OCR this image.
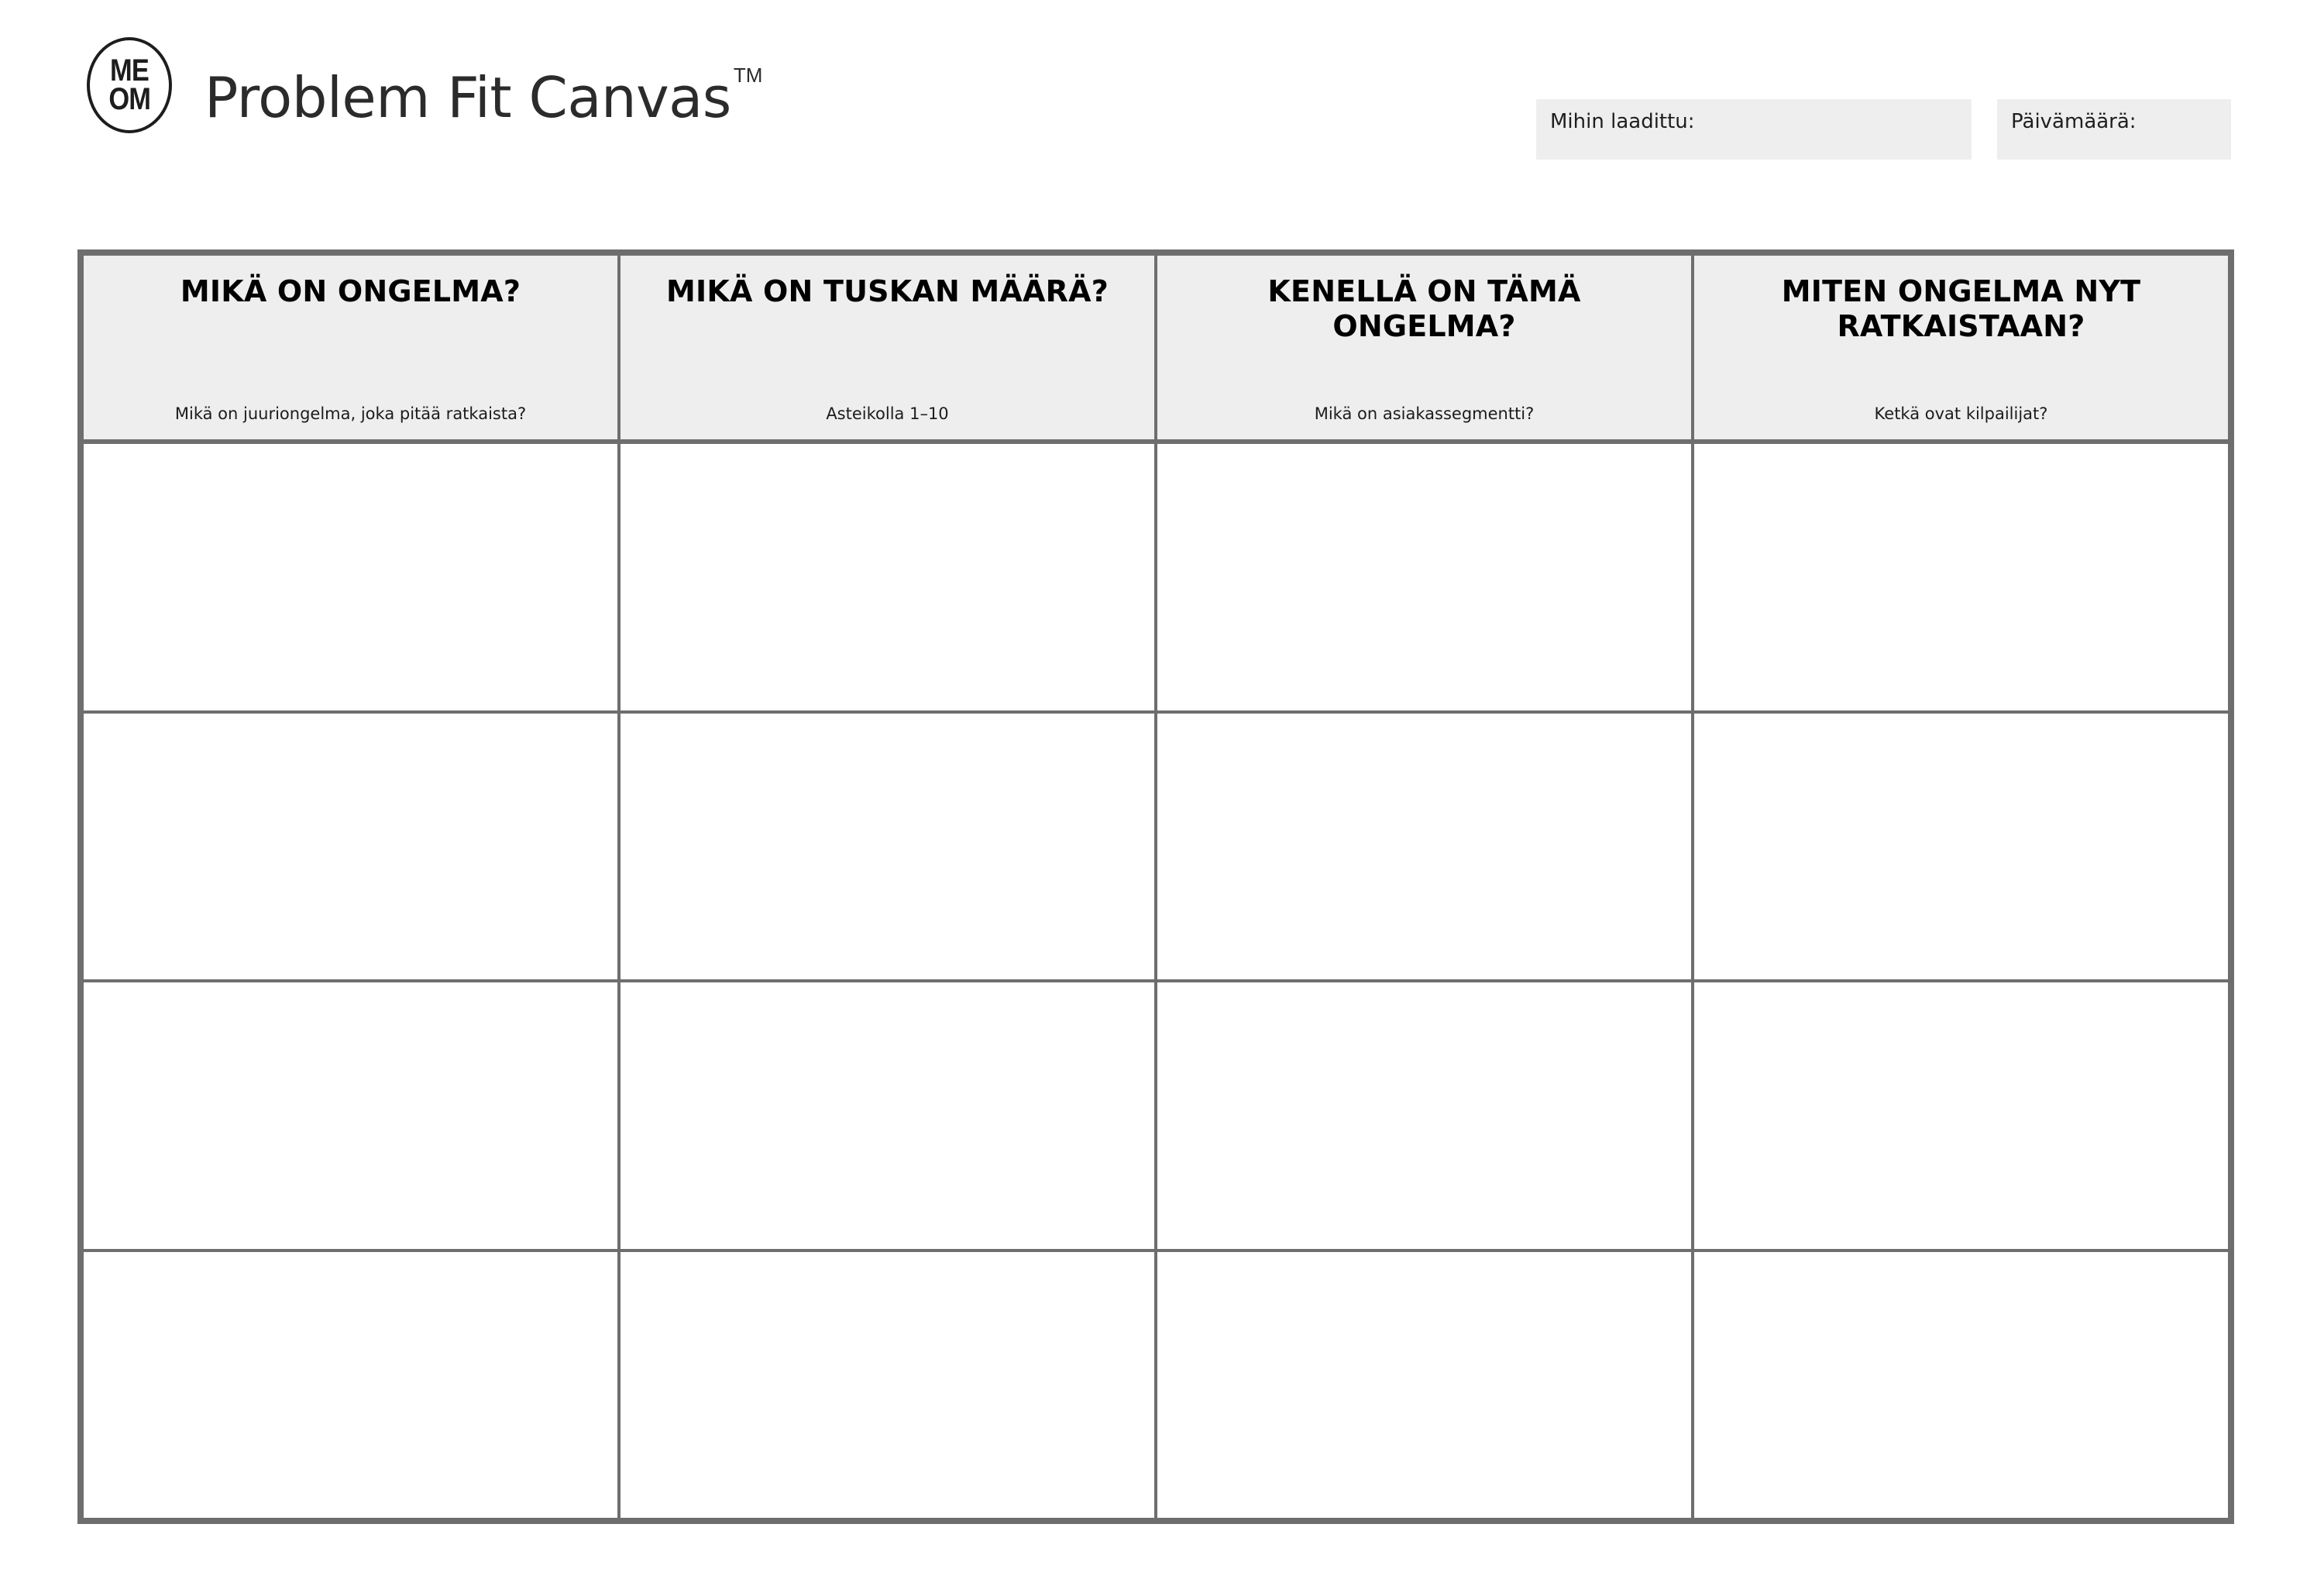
ME
OM Problem Fit Canvas TM
Mihin laadittu:	Päivämäärä:
MIKÄ ON ONGELMA?
Mikä on juuriongelma, joka pitää ratkaista?
MIKÄ ON TUSKAN MÄÄRÄ?
Asteikolla 1–10
KENELLÄ ON TÄMÄ ONGELMA?
Mikä on asiakassegmentti?
MITEN ONGELMA NYT RATKAISTAAN?
Ketkä ovat kilpailijat?
